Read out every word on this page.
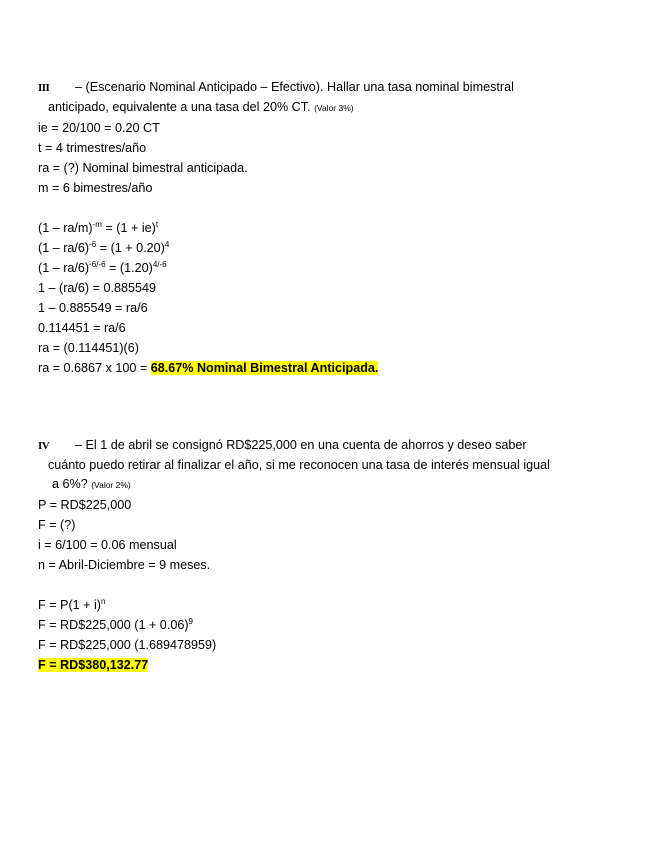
III – (Escenario Nominal Anticipado – Efectivo). Hallar una tasa nominal bimestral
anticipado, equivalente a una tasa del 20% CT. (Valor 3%)
ie = 20/100 = 0.20 CT
t = 4 trimestres/año
ra = (?) Nominal bimestral anticipada.
m = 6 bimestres/año
(1 – ra/m)$^{-m}$ = (1 + ie)$^t$
$(1 - ra/6)^{-6} = (1 + 0.20)^4$
$(1 - ra/6)^{-6/-6} = (1.20)^{4/-6}$
1 – (ra/6) = 0.885549
1 – 0.885549 = ra/6
0.114451 = ra/6
ra = (0.114451)(6)
ra = 0.6867 x 100 = 68.67% Nominal Bimestral Anticipada.
IV – El 1 de abril se consignó RD$225,000 en una cuenta de ahorros y deseo saber
cuánto puedo retirar al finalizar el año, si me reconocen una tasa de interés mensual igual
a 6%? (Valor 2%)
P = RD$225,000
F = (?)
i = 6/100 = 0.06 mensual
n = Abril-Diciembre = 9 meses.
$F = P(1 + i)^n$
F = RD$225,000 $(1 + 0.06)^9$
F = RD$225,000 (1.689478959)
F = RD$380,132.77
